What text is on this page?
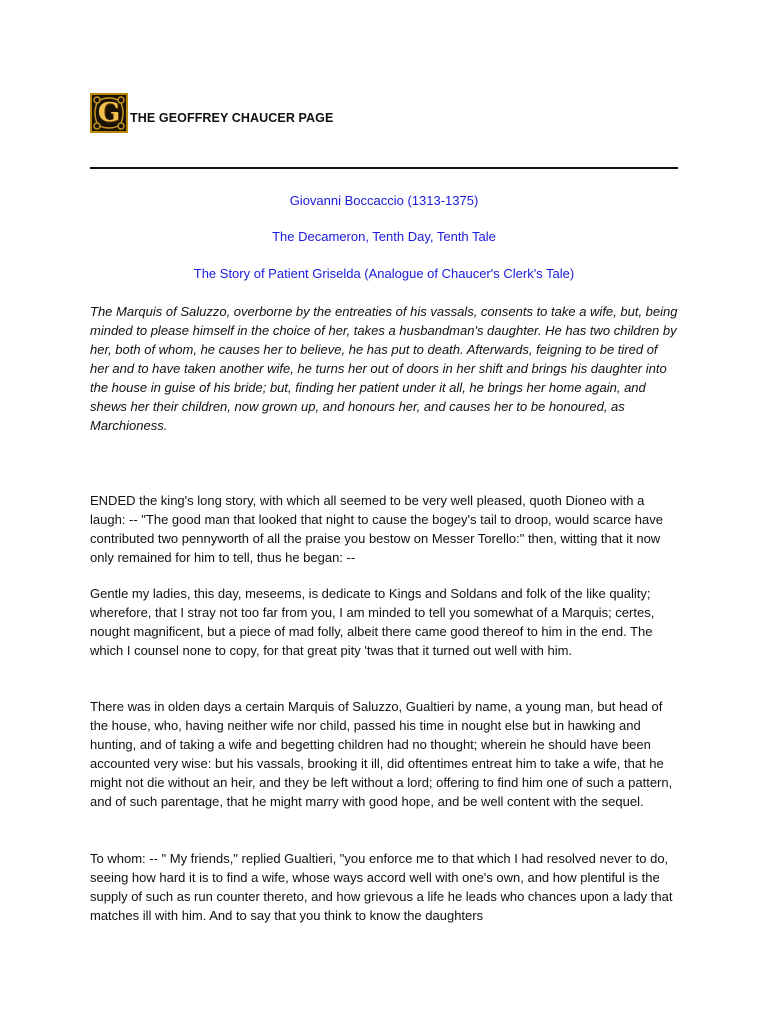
G THE GEOFFREY CHAUCER PAGE
Giovanni Boccaccio (1313-1375)
The Decameron, Tenth Day, Tenth Tale
The Story of Patient Griselda (Analogue of Chaucer's Clerk's Tale)

The Marquis of Saluzzo, overborne by the entreaties of his vassals, consents to take a wife, but, being minded to please himself in the choice of her, takes a husbandman's daughter. He has two children by her, both of whom, he causes her to believe, he has put to death. Afterwards, feigning to be tired of her and to have taken another wife, he turns her out of doors in her shift and brings his daughter into the house in guise of his bride; but, finding her patient under it all, he brings her home again, and shews her their children, now grown up, and honours her, and causes her to be honoured, as Marchioness.

ENDED the king's long story, with which all seemed to be very well pleased, quoth Dioneo with a laugh: -- "The good man that looked that night to cause the bogey's tail to droop, would scarce have contributed two pennyworth of all the praise you bestow on Messer Torello:" then, witting that it now only remained for him to tell, thus he began: --

Gentle my ladies, this day, meseems, is dedicate to Kings and Soldans and folk of the like quality; wherefore, that I stray not too far from you, I am minded to tell you somewhat of a Marquis; certes, nought magnificent, but a piece of mad folly, albeit there came good thereof to him in the end. The which I counsel none to copy, for that great pity 'twas that it turned out well with him.

There was in olden days a certain Marquis of Saluzzo, Gualtieri by name, a young man, but head of the house, who, having neither wife nor child, passed his time in nought else but in hawking and hunting, and of taking a wife and begetting children had no thought; wherein he should have been accounted very wise: but his vassals, brooking it ill, did oftentimes entreat him to take a wife, that he might not die without an heir, and they be left without a lord; offering to find him one of such a pattern, and of such parentage, that he might marry with good hope, and be well content with the sequel.

To whom: -- " My friends," replied Gualtieri, "you enforce me to that which I had resolved never to do, seeing how hard it is to find a wife, whose ways accord well with one's own, and how plentiful is the supply of such as run counter thereto, and how grievous a life he leads who chances upon a lady that matches ill with him. And to say that you think to know the daughters
